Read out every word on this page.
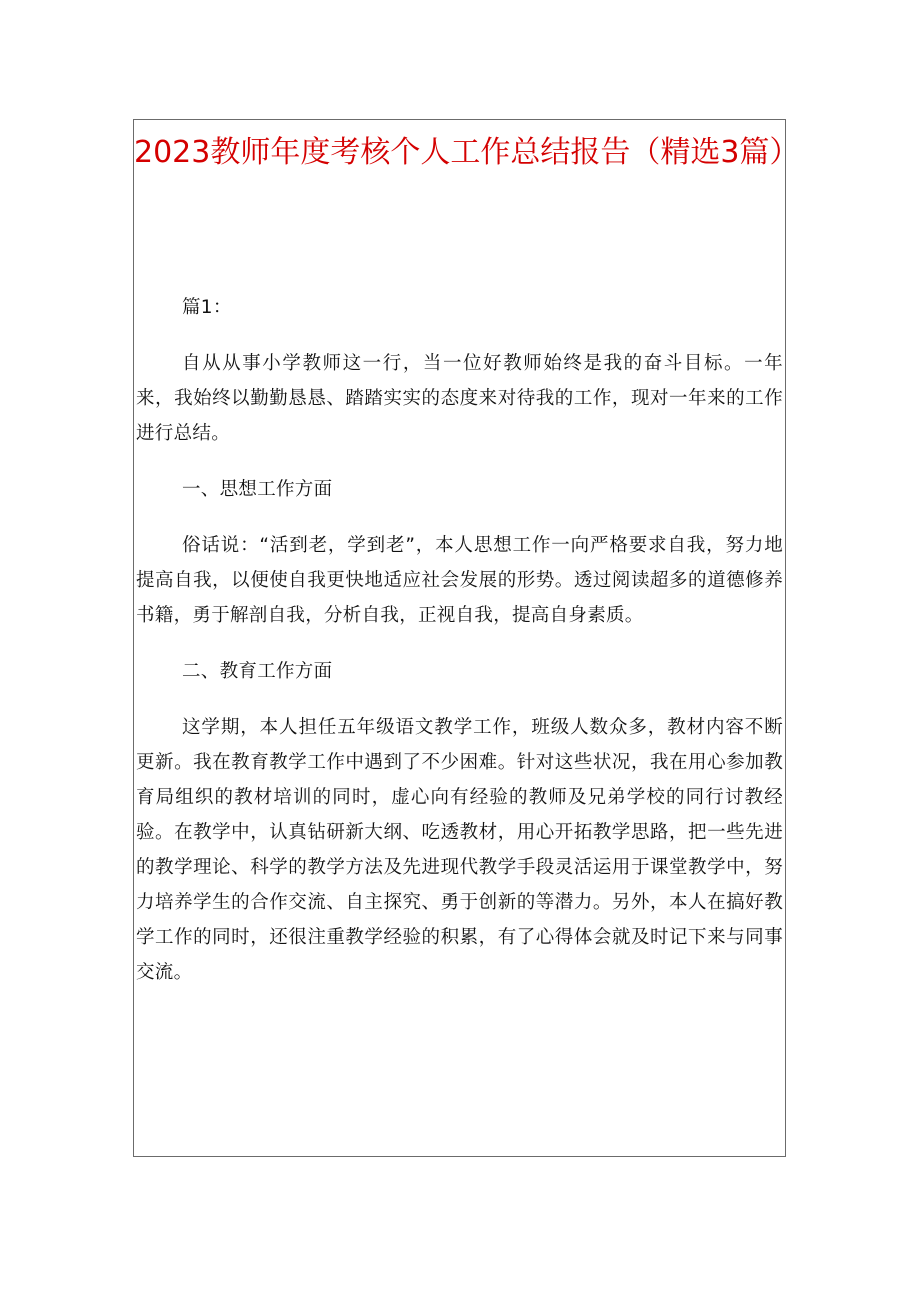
2023教师年度考核个人工作总结报告（精选3篇）

篇1：

自从从事小学教师这一行，当一位好教师始终是我的奋斗目标。一年来，我始终以勤勤恳恳、踏踏实实的态度来对待我的工作，现对一年来的工作进行总结。

一、思想工作方面

俗话说：“活到老，学到老”，本人思想工作一向严格要求自我，努力地提高自我，以便使自我更快地适应社会发展的形势。透过阅读超多的道德修养书籍，勇于解剖自我，分析自我，正视自我，提高自身素质。

二、教育工作方面

这学期，本人担任五年级语文教学工作，班级人数众多，教材内容不断更新。我在教育教学工作中遇到了不少困难。针对这些状况，我在用心参加教育局组织的教材培训的同时，虚心向有经验的教师及兄弟学校的同行讨教经验。在教学中，认真钻研新大纲、吃透教材，用心开拓教学思路，把一些先进的教学理论、科学的教学方法及先进现代教学手段灵活运用于课堂教学中，努力培养学生的合作交流、自主探究、勇于创新的等潜力。另外，本人在搞好教学工作的同时，还很注重教学经验的积累，有了心得体会就及时记下来与同事交流。
